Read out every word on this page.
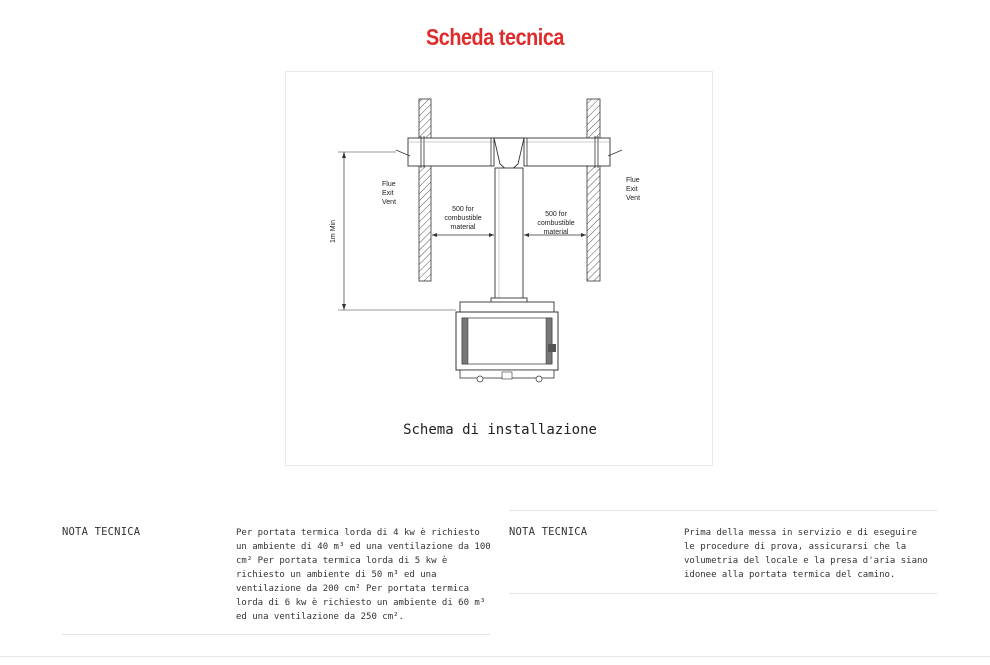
Scheda tecnica
Flue
Exit
Vent
Flue
Exit
Vent
500 for
combustible
material
500 for
combustible
material
1m Min
Schema di installazione
NOTA TECNICA	Per portata termica lorda di 4 kw è richiesto un ambiente di 40 m³ ed una ventilazione da 100 cm² Per portata termica lorda di 5 kw è richiesto un ambiente di 50 m³ ed una ventilazione da 200 cm² Per portata termica lorda di 6 kw è richiesto un ambiente di 60 m³ ed una ventilazione da 250 cm².
NOTA TECNICA	Prima della messa in servizio e di eseguire le procedure di prova, assicurarsi che la volumetria del locale e la presa d'aria siano idonee alla portata termica del camino.
